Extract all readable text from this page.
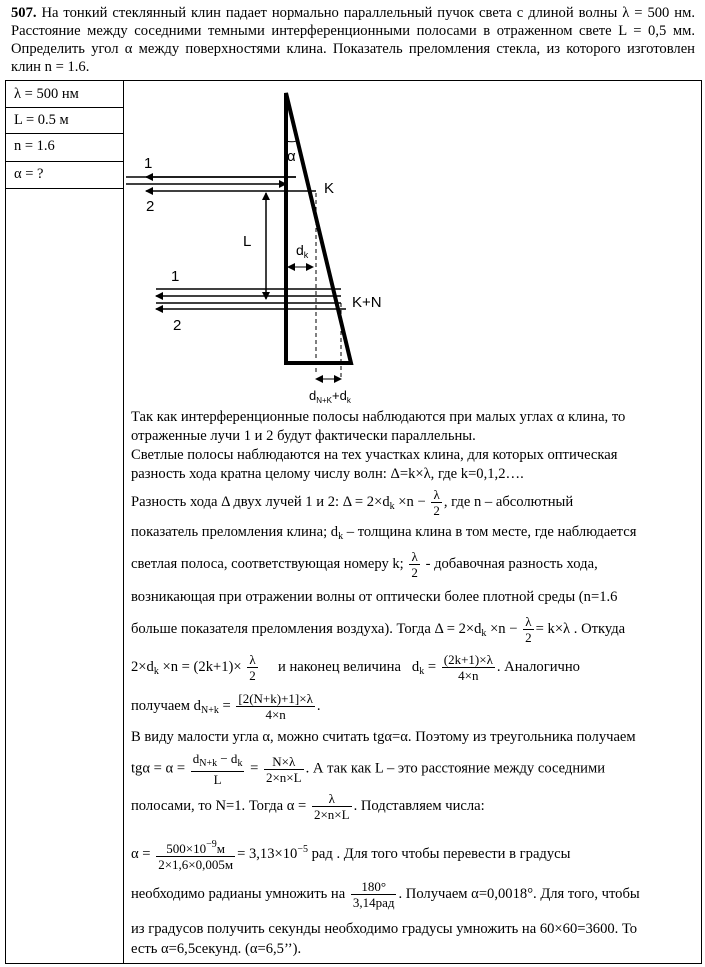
507. На тонкий стеклянный клин падает нормально параллельный пучок света с длиной волны λ = 500 нм. Расстояние между соседними темными интерференционными полосами в отраженном свете L = 0,5 мм. Определить угол α между поверхностями клина. Показатель преломления стекла, из которого изготовлен клин n = 1.6.
λ = 500 нм
L = 0.5 м
n = 1.6
α = ?
α
1
2
K
L	$d_k$
1
2
K+N
$d_{N+K}+d_k$
Так как интерференционные полосы наблюдаются при малых углах α клина, то
отраженные лучи 1 и 2 будут фактически параллельны.
Светлые полосы наблюдаются на тех участках клина, для которых оптическая
разность хода кратна целому числу волн: Δ=k×λ, где k=0,1,2….
Разность хода Δ двух лучей 1 и 2: $\Delta = 2\times d_k \times n - \frac{\lambda}{2}$ , где n – абсолютный
показатель преломления клина; $d_k$ – толщина клина в том месте, где наблюдается
светлая полоса, соответствующая номеру k; $\frac{\lambda}{2}$ - добавочная разность хода,
возникающая при отражении волны от оптически более плотной среды (n=1.6
больше показателя преломления воздуха). Тогда $\Delta = 2\times d_k \times n - \frac{\lambda}{2} = k\times\lambda$ . Откуда
$2\times d_k \times n = (2k+1)\times \frac{\lambda}{2}$ и наконец величина $d_k = \frac{(2k+1)\times\lambda}{4\times n}$ . Аналогично
получаем $d_{N+k} = \frac{[2(N+k)+1]\times\lambda}{4\times n}$ .
В виду малости угла α, можно считать tgα=α. Поэтому из треугольника получаем
$tg\alpha = \alpha = \frac{d_{N+k} - d_k}{L} = \frac{N\times\lambda}{2\times n\times L}$ . А так как L – это расстояние между соседними
полосами, то N=1. Тогда $\alpha = \frac{\lambda}{2\times n\times L}$ . Подставляем числа:
$\alpha = \frac{500\times 10^{-9}м}{2\times 1,6\times 0,005м} = 3,13\times 10^{-5}$ рад . Для того чтобы перевести в градусы
необходимо радианы умножить на $\frac{180^\circ}{\text{3,14рад}}$ . Получаем α=0,0018°. Для того, чтобы
из градусов получить секунды необходимо градусы умножить на 60×60=3600. То
есть α=6,5секунд. (α=6,5’’).
